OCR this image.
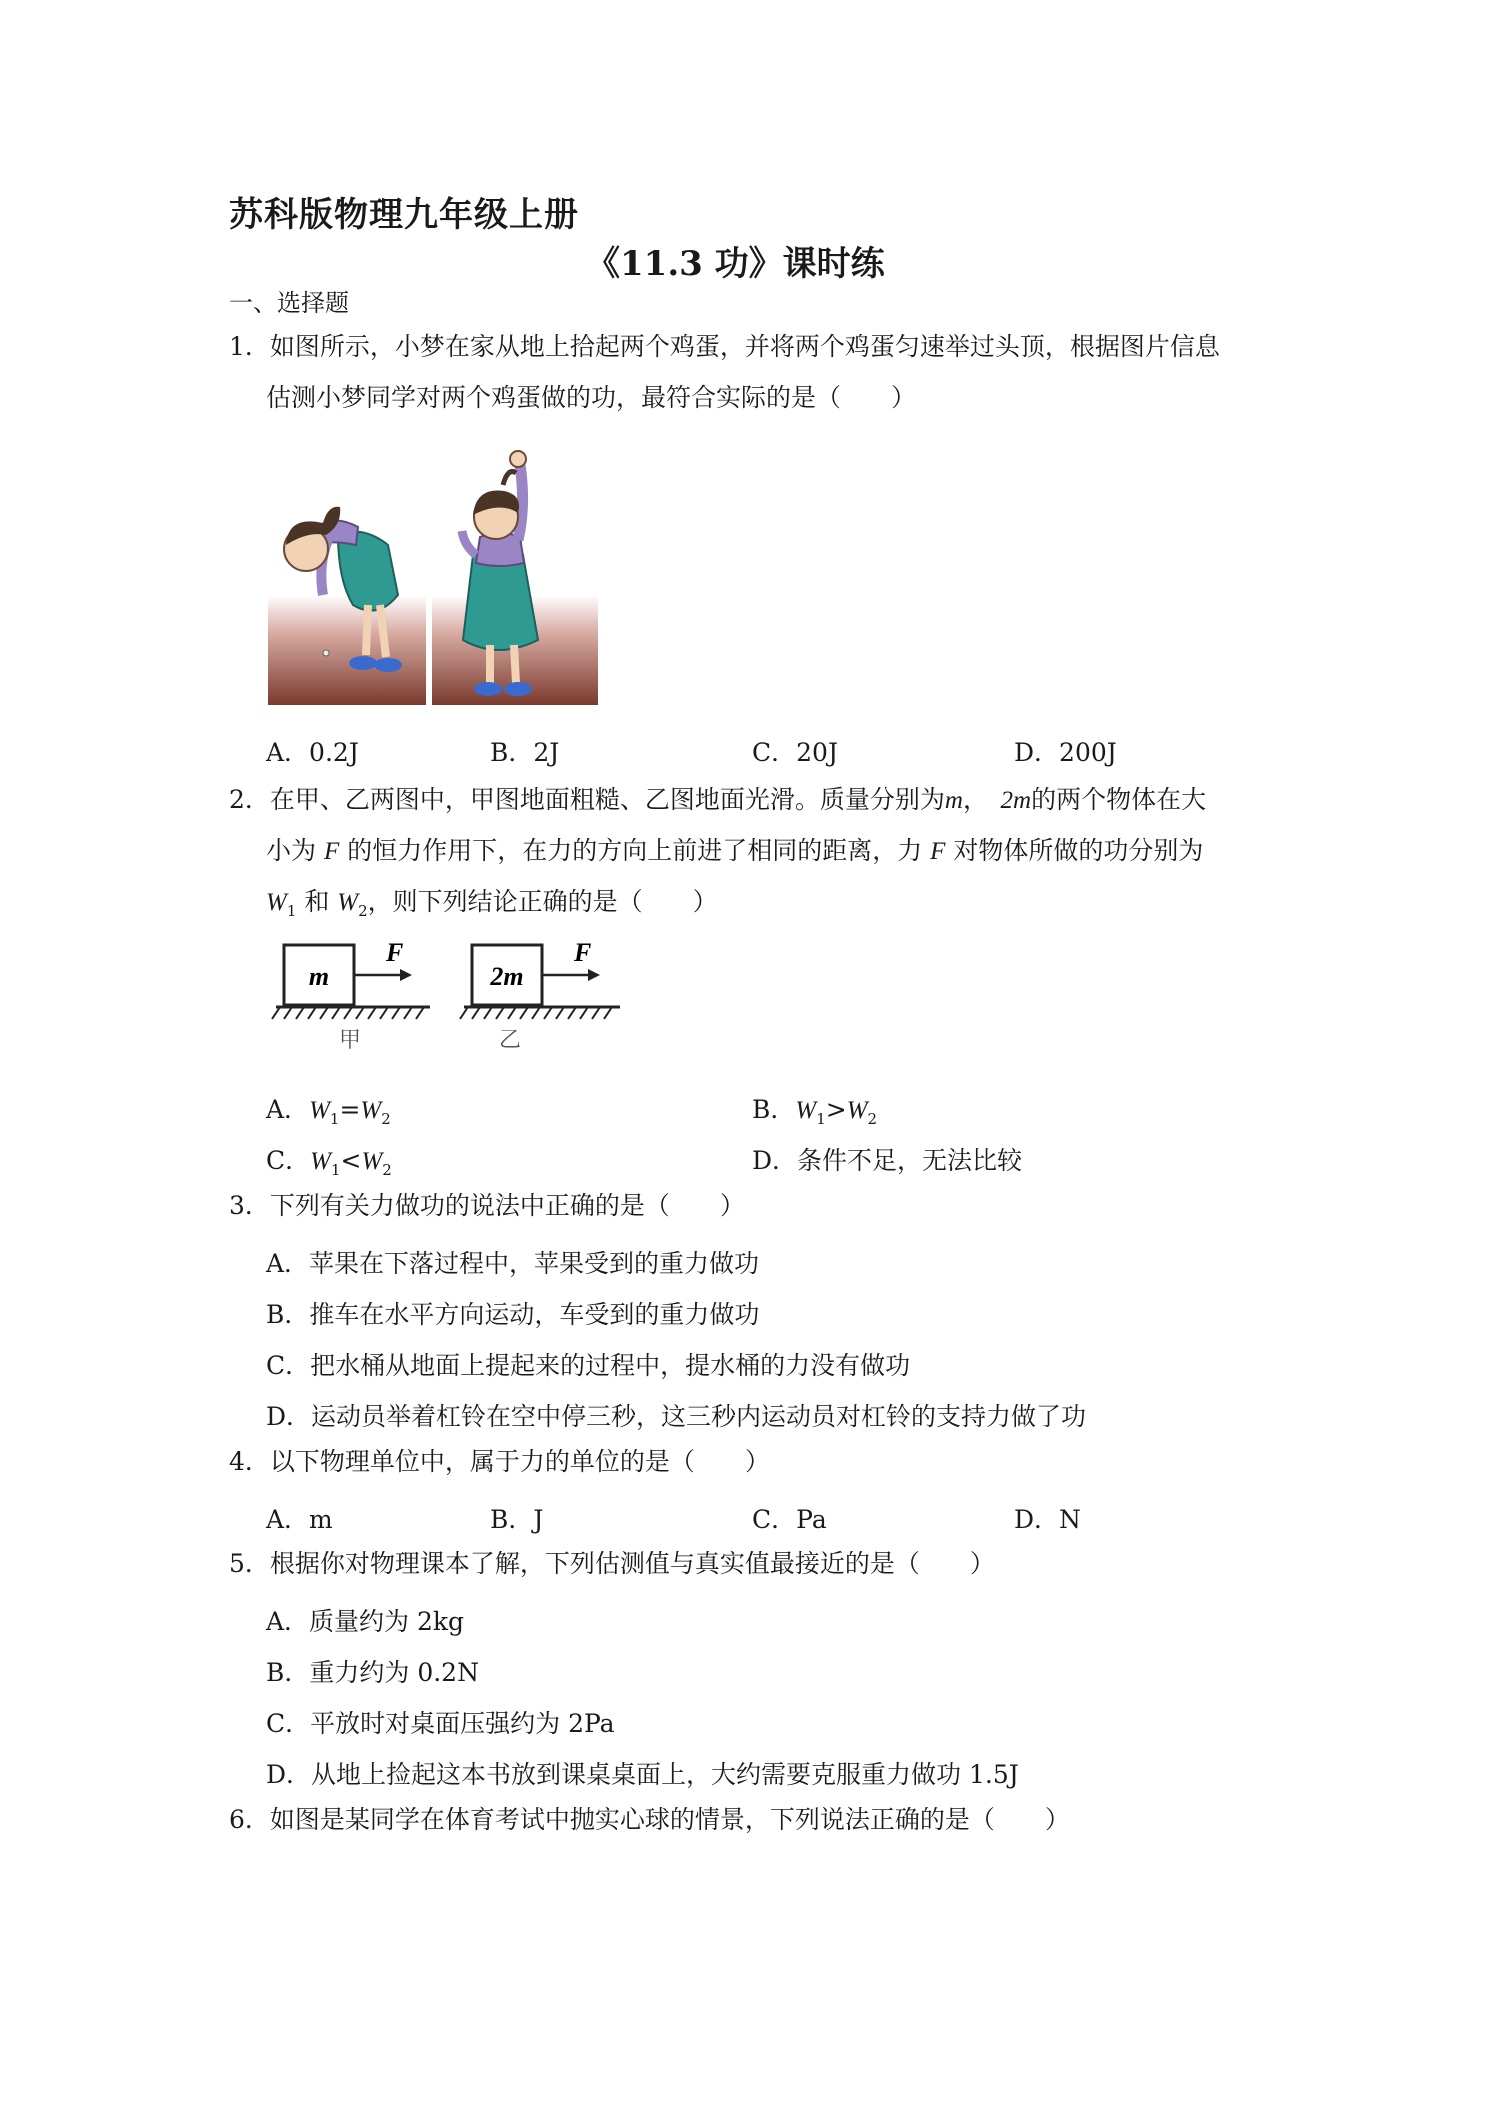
苏科版物理九年级上册
《11.3 功》课时练
一、选择题
1．如图所示，小梦在家从地上拾起两个鸡蛋，并将两个鸡蛋匀速举过头顶，根据图片信息
估测小梦同学对两个鸡蛋做的功，最符合实际的是（　　）
A．0.2J	B．2J	C．20J	D．200J
2．在甲、乙两图中，甲图地面粗糙、乙图地面光滑。质量分别为m，　 2m的两个物体在大
小为 F 的恒力作用下，在力的方向上前进了相同的距离，力 F 对物体所做的功分别为
$W_1$ 和 $W_2$，则下列结论正确的是（　　）
m
F
甲
2m
F
乙
A．$W_1=W_2$	B．$W_1>W_2$
C．$W_1<W_2$	D．条件不足，无法比较
3．下列有关力做功的说法中正确的是（　　）
A．苹果在下落过程中，苹果受到的重力做功
B．推车在水平方向运动，车受到的重力做功
C．把水桶从地面上提起来的过程中，提水桶的力没有做功
D．运动员举着杠铃在空中停三秒，这三秒内运动员对杠铃的支持力做了功
4．以下物理单位中，属于力的单位的是（　　）
A．m	B．J	C．Pa	D．N
5．根据你对物理课本了解，下列估测值与真实值最接近的是（　　）
A．质量约为 2kg
B．重力约为 0.2N
C．平放时对桌面压强约为 2Pa
D．从地上捡起这本书放到课桌桌面上，大约需要克服重力做功 1.5J
6．如图是某同学在体育考试中抛实心球的情景，下列说法正确的是（　　）
